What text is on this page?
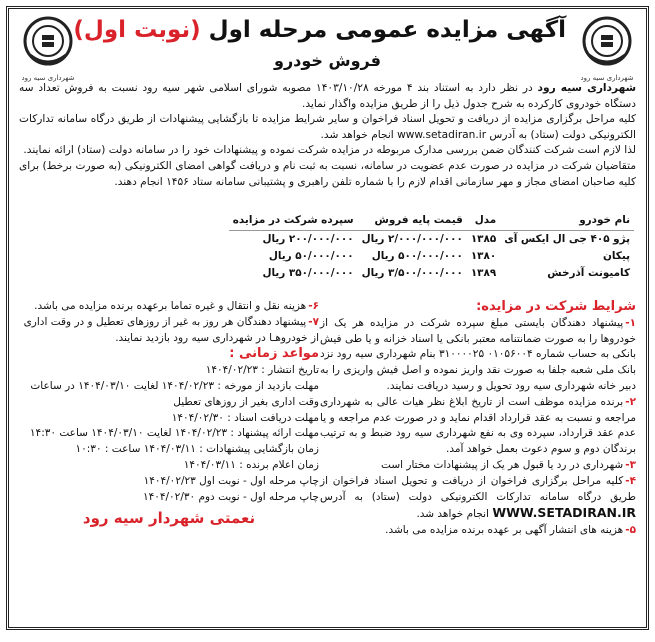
شهرداری سیه رود
شهرداری سیه رود
آگهی مزایده عمومی مرحله اول (نوبت اول)
فروش خودرو

شهرداری سیه رود در نظر دارد به استناد بند ۴ مورخه ۱۴۰۳/۱۰/۲۸ مصوبه شورای اسلامی شهر سیه رود نسبت به فروش تعداد سه دستگاه خودروی کارکرده به شرح جدول ذیل را از طریق مزایده واگذار نماید.

کلیه مراحل برگزاری مزایده از دریافت و تحویل اسناد فراخوان و سایر شرایط مزایده تا بازگشایی پیشنهادات از طریق درگاه سامانه تدارکات الکترونیکی دولت (ستاد) به آدرس www.setadiran.ir انجام خواهد شد.

لذا لازم است شرکت کنندگان ضمن بررسی مدارک مربوطه در مزایده شرکت نموده و پیشنهادات خود را در سامانه دولت (ستاد) ارائه نمایند.

متقاضیان شرکت در مزایده در صورت عدم عضویت در سامانه، نسبت به ثبت نام و دریافت گواهی امضای الکترونیکی (به صورت برخط) برای کلیه صاحبان امضای مجاز و مهر سازمانی اقدام لازم را با شماره تلفن راهبری و پشتیبانی سامانه ستاد ۱۴۵۶ انجام دهند.

نام خودرو	مدل	قیمت پایه فروش	سپرده شرکت در مزایده
پژو ۴۰۵ جی ال ایکس آی	۱۳۸۵	۲/۰۰۰/۰۰۰/۰۰۰ ریال	۲۰۰/۰۰۰/۰۰۰ ریال
پیکان	۱۳۸۰	۵۰۰/۰۰۰/۰۰۰ ریال	۵۰/۰۰۰/۰۰۰ ریال
کامیونت آذرخش	۱۳۸۹	۳/۵۰۰/۰۰۰/۰۰۰ ریال	۳۵۰/۰۰۰/۰۰۰ ریال
شرایط شرکت در مزایده:

۱-پیشنهاد دهندگان بایستی مبلغ سپرده شرکت در مزایده هر یک از خودروها را به صورت ضمانتنامه معتبر بانکی یا اسناد خزانه و یا طی فیش بانکی به حساب شماره ۰۱۰۵۶۰۰۴ ۳۱۰۰۰۰۲۵ بنام شهرداری سیه رود نزد بانک ملی شعبه جلفا به صورت نقد واریز نموده و اصل فیش واریزی را به دبیر خانه شهرداری سیه رود تحویل و رسید دریافت نمایند.

۲-برنده مزایده موظف است از تاریخ ابلاغ نظر هیات عالی به شهرداری مراجعه و نسبت به عقد قرارداد اقدام نماید و در صورت عدم مراجعه و یا عدم عقد قرارداد، سپرده وی به نفع شهرداری سیه رود ضبط و به ترتیب برندگان دوم و سوم دعوت بعمل خواهد آمد.

۳-شهرداری در رد یا قبول هر یک از پیشنهادات مختار است

۴-کلیه مراحل برگزاری فراخوان از دریافت و تحویل اسناد فراخوان از طریق درگاه سامانه تدارکات الکترونیکی دولت (ستاد) به آدرس WWW.SETADIRAN.IR انجام خواهد شد.

۵-هزینه های انتشار آگهی بر عهده برنده مزایده می باشد.

۶-هزینه نقل و انتقال و غیره تماما برعهده برنده مزایده می باشد.

۷-پیشنهاد دهندگان هر روز به غیر از روزهای تعطیل و در وقت اداری از خودروهـا در شهرداری سیه رود بازدید نمایند.

مواعد زمانی :
تاریخ انتشار : ۱۴۰۴/۰۲/۲۳
مهلت بازدید از مورخه : ۱۴۰۴/۰۲/۲۳ لغایت ۱۴۰۴/۰۳/۱۰ در ساعات وقت اداری بغیر از روزهای تعطیل
مهلت دریافت اسناد : ۱۴۰۴/۰۲/۳۰
مهلت ارائه پیشنهاد : ۱۴۰۴/۰۲/۲۳ لغایت ۱۴۰۴/۰۳/۱۰ ساعت ۱۴:۳۰
زمان بازگشایی پیشنهادات : ۱۴۰۴/۰۳/۱۱ ساعت : ۱۰:۳۰
زمان اعلام برنده : ۱۴۰۴/۰۳/۱۱
چاپ مرحله اول - نوبت اول ۱۴۰۴/۰۲/۲۳
چاپ مرحله اول - نوبت دوم ۱۴۰۴/۰۲/۳۰
نعمتی شهردار سیه رود
